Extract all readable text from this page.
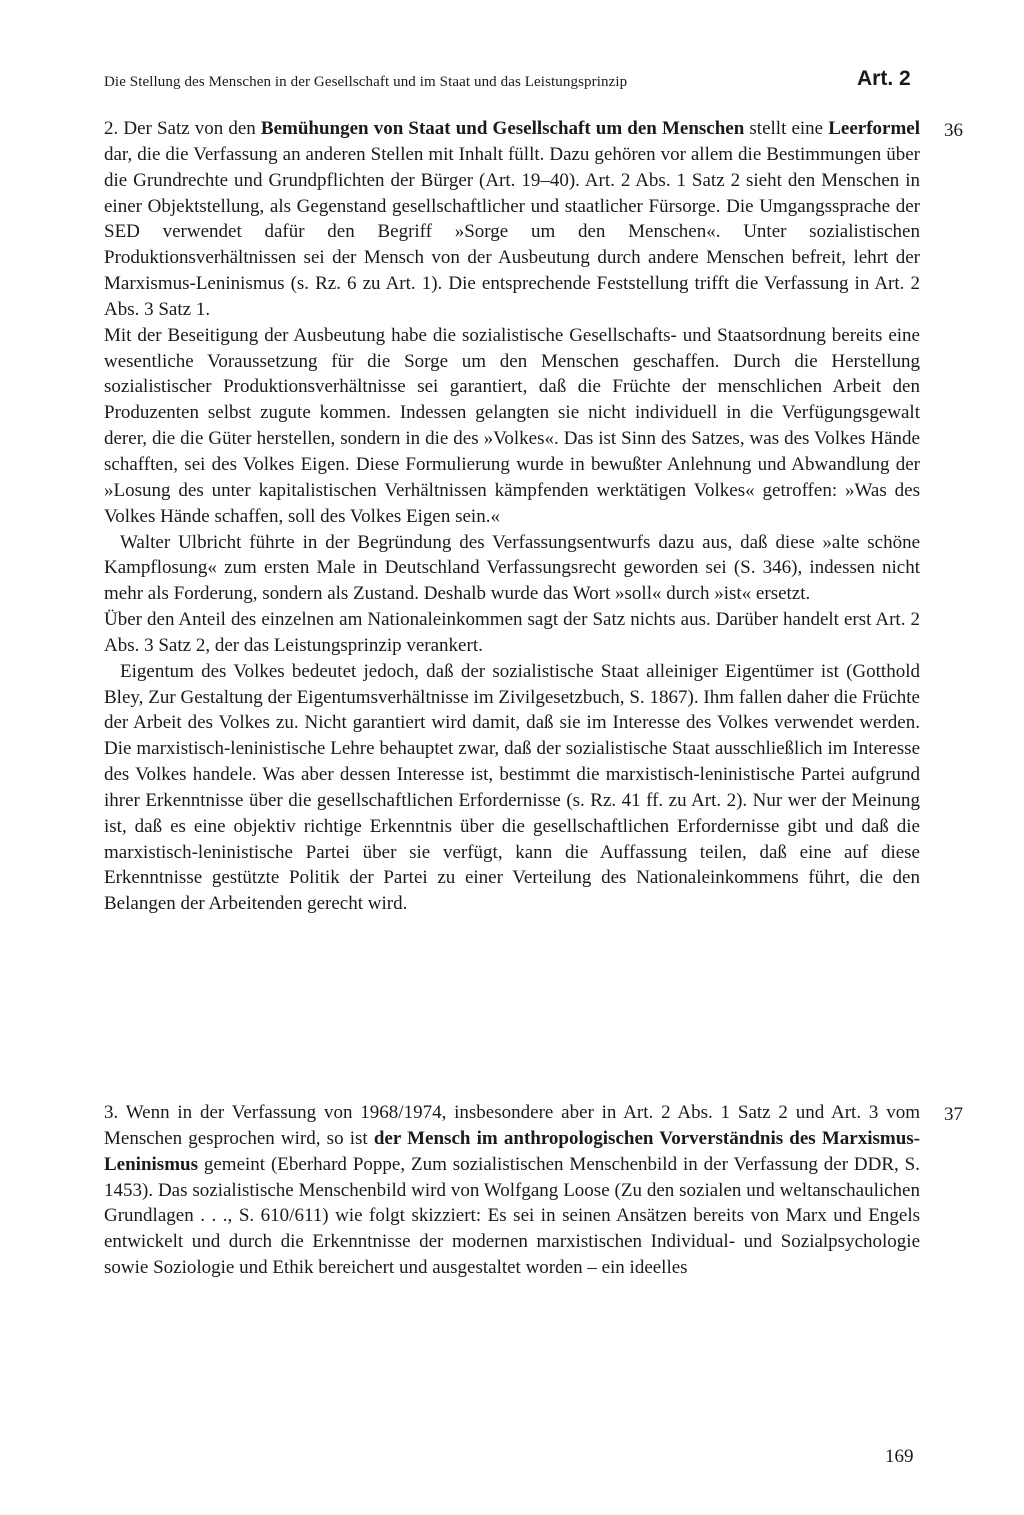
Die Stellung des Menschen in der Gesellschaft und im Staat und das Leistungsprinzip	Art. 2
36

2. Der Satz von den Bemühungen von Staat und Gesellschaft um den Menschen stellt eine Leerformel dar, die die Verfassung an anderen Stellen mit Inhalt füllt. Dazu gehören vor allem die Bestimmungen über die Grundrechte und Grundpflichten der Bürger (Art. 19–40). Art. 2 Abs. 1 Satz 2 sieht den Menschen in einer Objektstellung, als Gegenstand gesellschaftlicher und staatlicher Fürsorge. Die Umgangssprache der SED verwendet dafür den Begriff »Sorge um den Menschen«. Unter sozialistischen Produktionsverhältnissen sei der Mensch von der Ausbeutung durch andere Menschen befreit, lehrt der Marxismus-Leninismus (s. Rz. 6 zu Art. 1). Die entsprechende Feststellung trifft die Verfassung in Art. 2 Abs. 3 Satz 1.

Mit der Beseitigung der Ausbeutung habe die sozialistische Gesellschafts- und Staatsordnung bereits eine wesentliche Voraussetzung für die Sorge um den Menschen geschaffen. Durch die Herstellung sozialistischer Produktionsverhältnisse sei garantiert, daß die Früchte der menschlichen Arbeit den Produzenten selbst zugute kommen. Indessen gelangten sie nicht individuell in die Verfügungsgewalt derer, die die Güter herstellen, sondern in die des »Volkes«. Das ist Sinn des Satzes, was des Volkes Hände schafften, sei des Volkes Eigen. Diese Formulierung wurde in bewußter Anlehnung und Abwandlung der »Losung des unter kapitalistischen Verhältnissen kämpfenden werktätigen Volkes« getroffen: »Was des Volkes Hände schaffen, soll des Volkes Eigen sein.«

Walter Ulbricht führte in der Begründung des Verfassungsentwurfs dazu aus, daß diese »alte schöne Kampflosung« zum ersten Male in Deutschland Verfassungsrecht geworden sei (S. 346), indessen nicht mehr als Forderung, sondern als Zustand. Deshalb wurde das Wort »soll« durch »ist« ersetzt.

Über den Anteil des einzelnen am Nationaleinkommen sagt der Satz nichts aus. Darüber handelt erst Art. 2 Abs. 3 Satz 2, der das Leistungsprinzip verankert.

Eigentum des Volkes bedeutet jedoch, daß der sozialistische Staat alleiniger Eigentümer ist (Gotthold Bley, Zur Gestaltung der Eigentumsverhältnisse im Zivilgesetzbuch, S. 1867). Ihm fallen daher die Früchte der Arbeit des Volkes zu. Nicht garantiert wird damit, daß sie im Interesse des Volkes verwendet werden. Die marxistisch-leninistische Lehre behauptet zwar, daß der sozialistische Staat ausschließlich im Interesse des Volkes handele. Was aber dessen Interesse ist, bestimmt die marxistisch-leninistische Partei aufgrund ihrer Erkenntnisse über die gesellschaftlichen Erfordernisse (s. Rz. 41 ff. zu Art. 2). Nur wer der Meinung ist, daß es eine objektiv richtige Erkenntnis über die gesellschaftlichen Erfordernisse gibt und daß die marxistisch-leninistische Partei über sie verfügt, kann die Auffassung teilen, daß eine auf diese Erkenntnisse gestützte Politik der Partei zu einer Verteilung des Nationaleinkommens führt, die den Belangen der Arbeitenden gerecht wird.

37

3. Wenn in der Verfassung von 1968/1974, insbesondere aber in Art. 2 Abs. 1 Satz 2 und Art. 3 vom Menschen gesprochen wird, so ist der Mensch im anthropologischen Vorverständnis des Marxismus-Leninismus gemeint (Eberhard Poppe, Zum sozialistischen Menschenbild in der Verfassung der DDR, S. 1453). Das sozialistische Menschenbild wird von Wolfgang Loose (Zu den sozialen und weltanschaulichen Grundlagen . . ., S. 610/611) wie folgt skizziert: Es sei in seinen Ansätzen bereits von Marx und Engels entwickelt und durch die Erkenntnisse der modernen marxistischen Individual- und Sozialpsychologie sowie Soziologie und Ethik bereichert und ausgestaltet worden – ein ideelles

169
